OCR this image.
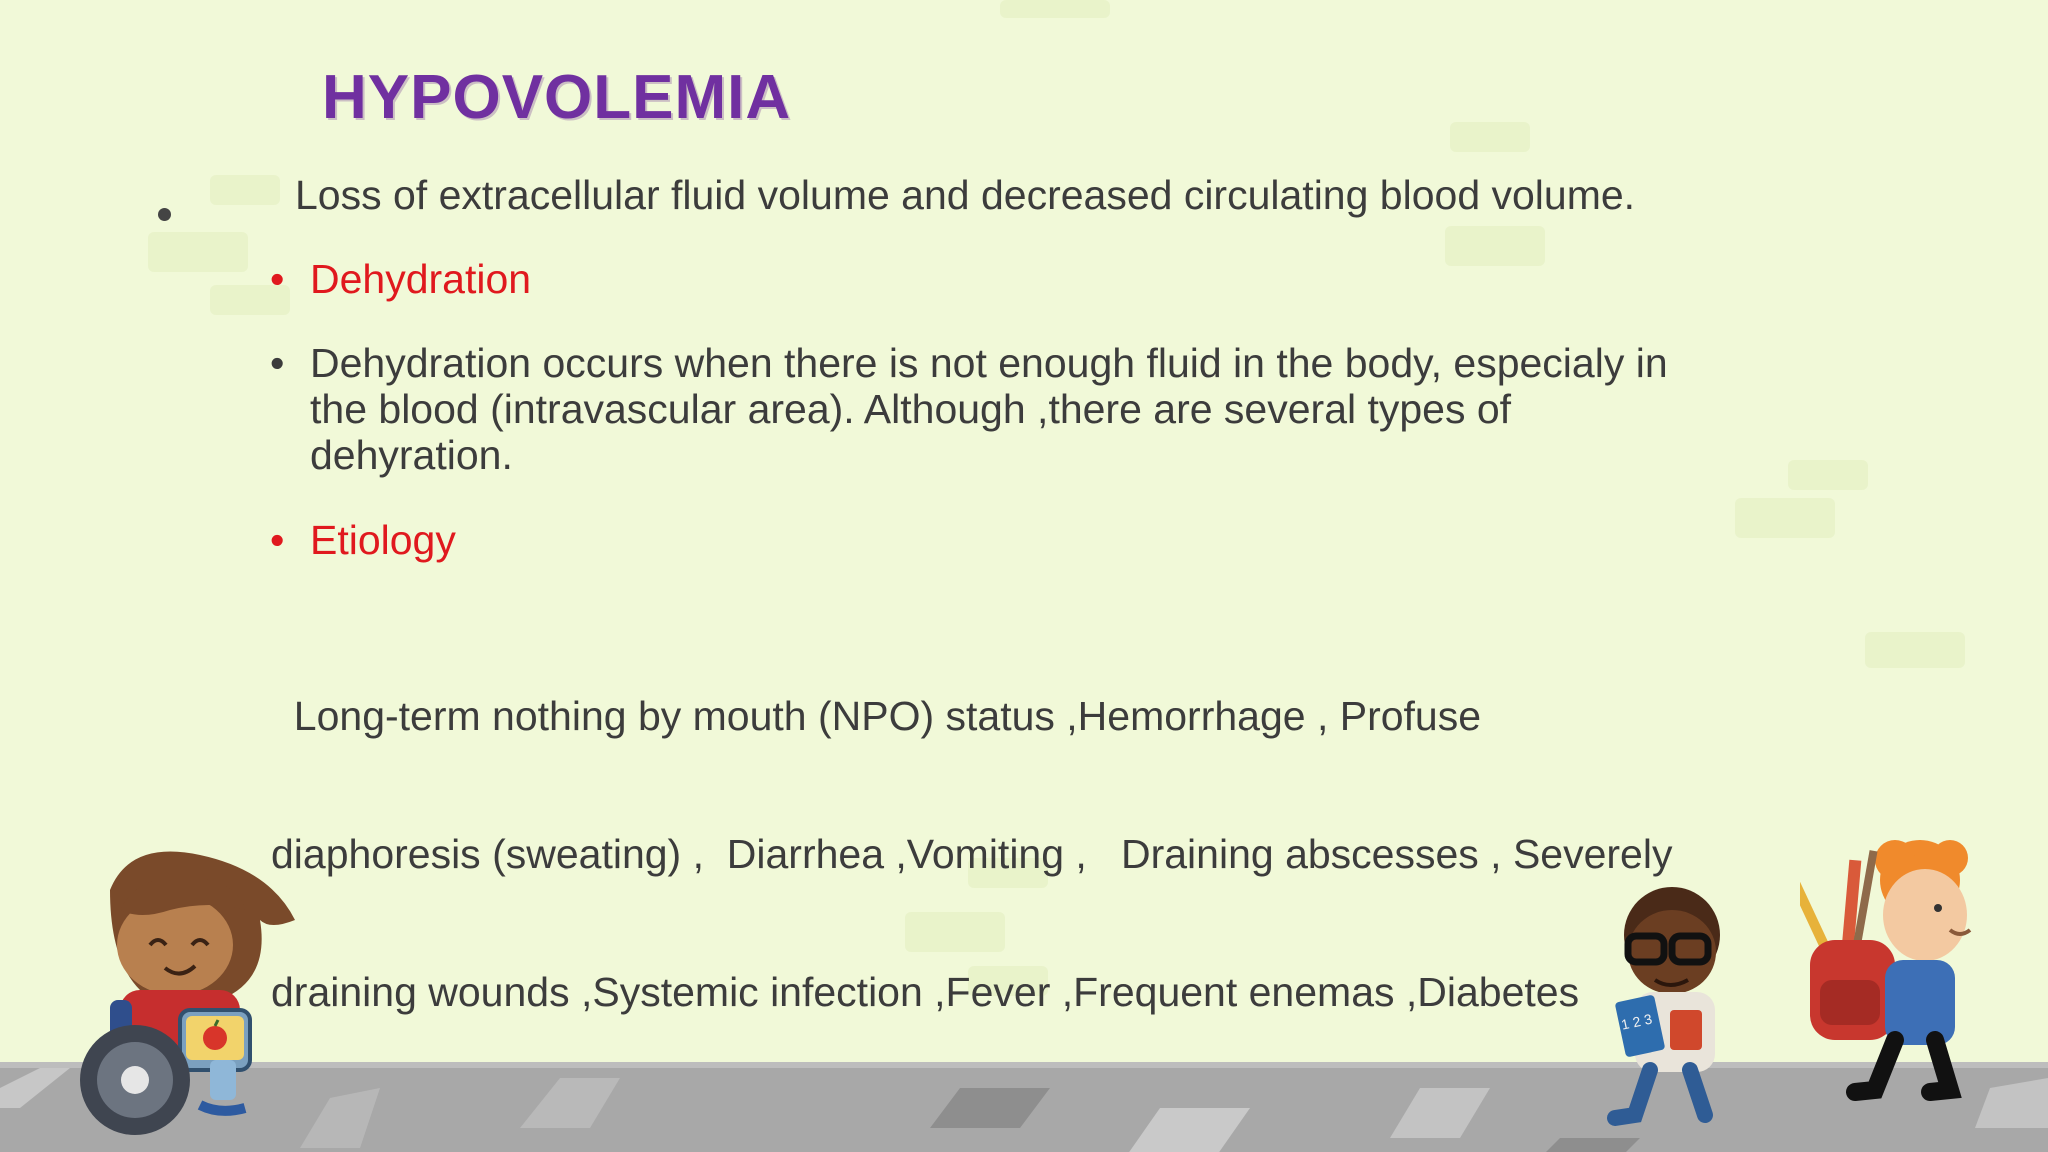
HYPOVOLEMIA
Loss of extracellular fluid volume and decreased circulating blood volume.
• Dehydration
• Dehydration occurs when there is not enough fluid in the body, especialy in
the blood (intravascular area). Although ,there are several types of
dehyration.
• Etiology

Long-term nothing by mouth (NPO) status ,Hemorrhage , Profuse

diaphoresis (sweating) ,  Diarrhea ,Vomiting ,   Draining abscesses , Severely

draining wounds ,Systemic infection ,Fever ,Frequent enemas ,Diabetes

1 2 3
